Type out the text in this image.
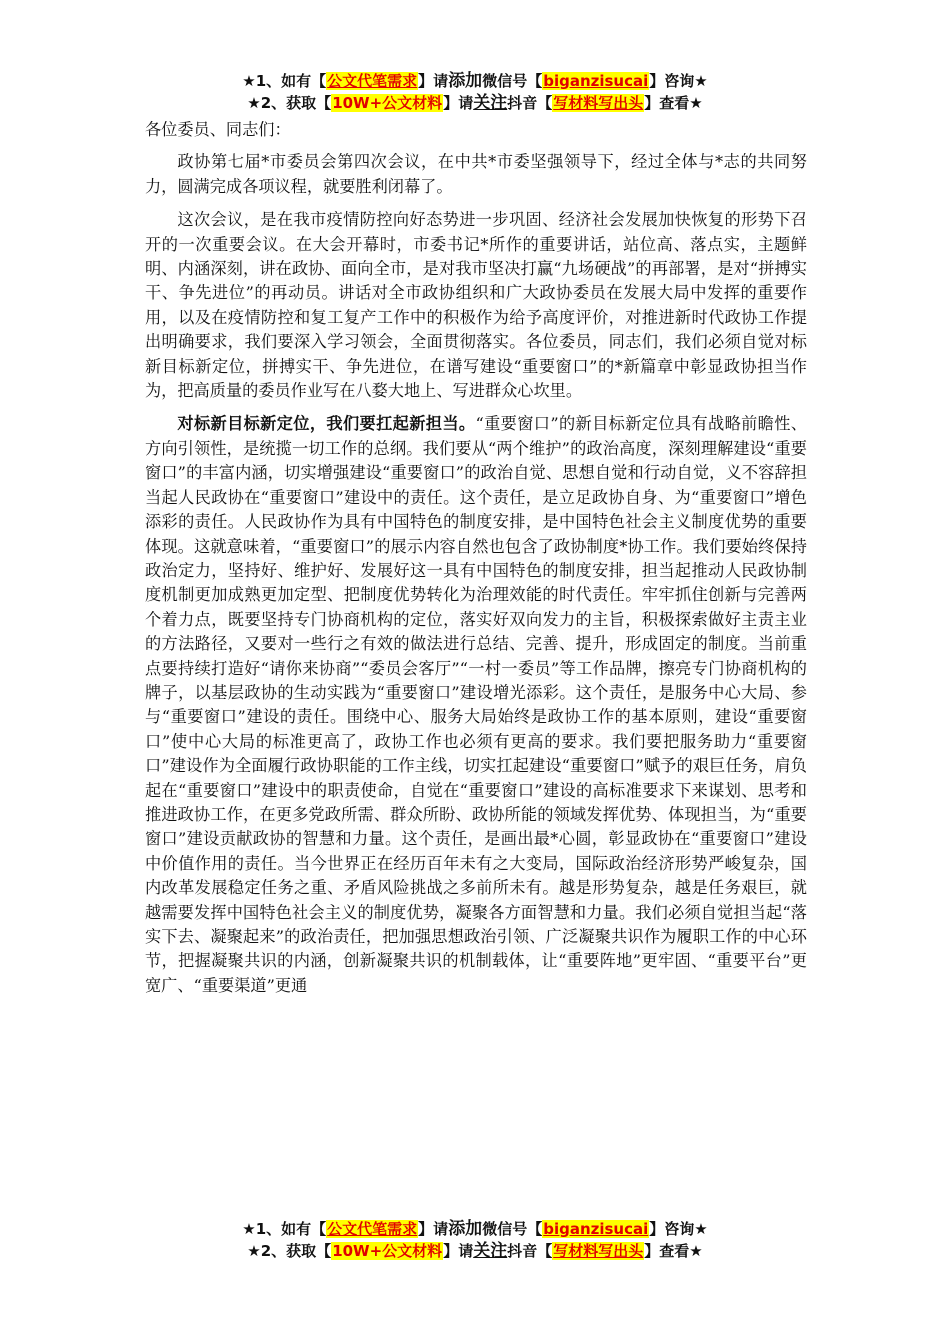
★1、如有【公文代笔需求】请添加微信号【biganzisucai】咨询★
★2、获取【10W+公文材料】请关注抖音【写材料写出头】查看★

各位委员、同志们：

政协第七届*市委员会第四次会议，在中共*市委坚强领导下，经过全体与*志的共同努力，圆满完成各项议程，就要胜利闭幕了。

这次会议，是在我市疫情防控向好态势进一步巩固、经济社会发展加快恢复的形势下召开的一次重要会议。在大会开幕时，市委书记*所作的重要讲话，站位高、落点实，主题鲜明、内涵深刻，讲在政协、面向全市，是对我市坚决打赢“九场硬战”的再部署，是对“拼搏实干、争先进位”的再动员。讲话对全市政协组织和广大政协委员在发展大局中发挥的重要作用，以及在疫情防控和复工复产工作中的积极作为给予高度评价，对推进新时代政协工作提出明确要求，我们要深入学习领会，全面贯彻落实。各位委员，同志们，我们必须自觉对标新目标新定位，拼搏实干、争先进位，在谱写建设“重要窗口”的*新篇章中彰显政协担当作为，把高质量的委员作业写在八婺大地上、写进群众心坎里。

对标新目标新定位，我们要扛起新担当。“重要窗口”的新目标新定位具有战略前瞻性、方向引领性，是统揽一切工作的总纲。我们要从“两个维护”的政治高度，深刻理解建设“重要窗口”的丰富内涵，切实增强建设“重要窗口”的政治自觉、思想自觉和行动自觉，义不容辞担当起人民政协在“重要窗口”建设中的责任。这个责任，是立足政协自身、为“重要窗口”增色添彩的责任。人民政协作为具有中国特色的制度安排，是中国特色社会主义制度优势的重要体现。这就意味着，“重要窗口”的展示内容自然也包含了政协制度*协工作。我们要始终保持政治定力，坚持好、维护好、发展好这一具有中国特色的制度安排，担当起推动人民政协制度机制更加成熟更加定型、把制度优势转化为治理效能的时代责任。牢牢抓住创新与完善两个着力点，既要坚持专门协商机构的定位，落实好双向发力的主旨，积极探索做好主责主业的方法路径，又要对一些行之有效的做法进行总结、完善、提升，形成固定的制度。当前重点要持续打造好“请你来协商”“委员会客厅”“一村一委员”等工作品牌，擦亮专门协商机构的牌子，以基层政协的生动实践为“重要窗口”建设增光添彩。这个责任，是服务中心大局、参与“重要窗口”建设的责任。围绕中心、服务大局始终是政协工作的基本原则，建设“重要窗口”使中心大局的标准更高了，政协工作也必须有更高的要求。我们要把服务助力“重要窗口”建设作为全面履行政协职能的工作主线，切实扛起建设“重要窗口”赋予的艰巨任务，肩负起在“重要窗口”建设中的职责使命，自觉在“重要窗口”建设的高标准要求下来谋划、思考和推进政协工作，在更多党政所需、群众所盼、政协所能的领域发挥优势、体现担当，为“重要窗口”建设贡献政协的智慧和力量。这个责任，是画出最*心圆，彰显政协在“重要窗口”建设中价值作用的责任。当今世界正在经历百年未有之大变局，国际政治经济形势严峻复杂，国内改革发展稳定任务之重、矛盾风险挑战之多前所未有。越是形势复杂，越是任务艰巨，就越需要发挥中国特色社会主义的制度优势，凝聚各方面智慧和力量。我们必须自觉担当起“落实下去、凝聚起来”的政治责任，把加强思想政治引领、广泛凝聚共识作为履职工作的中心环节，把握凝聚共识的内涵，创新凝聚共识的机制载体，让“重要阵地”更牢固、“重要平台”更宽广、“重要渠道”更通

★1、如有【公文代笔需求】请添加微信号【biganzisucai】咨询★
★2、获取【10W+公文材料】请关注抖音【写材料写出头】查看★
